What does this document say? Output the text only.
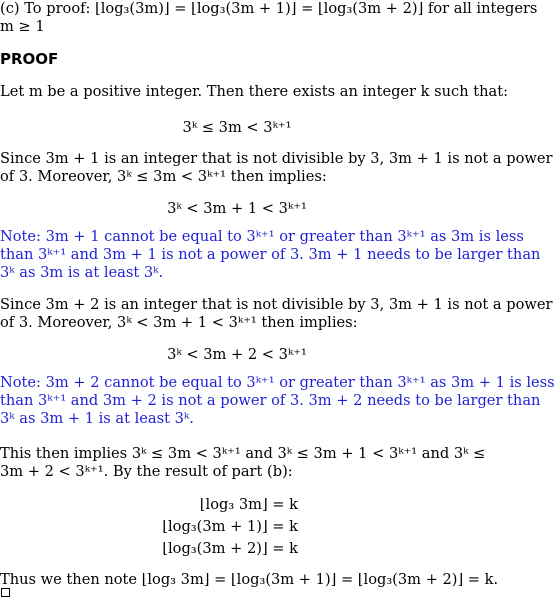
(c) To proof: ⌊log₃(3m)⌋ = ⌊log₃(3m + 1)⌋ = ⌊log₃(3m + 2)⌋ for all integers
m ≥ 1
PROOF
Let m be a positive integer. Then there exists an integer k such that:
3ᵏ ≤ 3m < 3ᵏ⁺¹
Since 3m + 1 is an integer that is not divisible by 3, 3m + 1 is not a power
of 3. Moreover, 3ᵏ ≤ 3m < 3ᵏ⁺¹ then implies:
3ᵏ < 3m + 1 < 3ᵏ⁺¹
Note: 3m + 1 cannot be equal to 3ᵏ⁺¹ or greater than 3ᵏ⁺¹ as 3m is less
than 3ᵏ⁺¹ and 3m + 1 is not a power of 3. 3m + 1 needs to be larger than
3ᵏ as 3m is at least 3ᵏ.
Since 3m + 2 is an integer that is not divisible by 3, 3m + 1 is not a power
of 3. Moreover, 3ᵏ < 3m + 1 < 3ᵏ⁺¹ then implies:
3ᵏ < 3m + 2 < 3ᵏ⁺¹
Note: 3m + 2 cannot be equal to 3ᵏ⁺¹ or greater than 3ᵏ⁺¹ as 3m + 1 is less
than 3ᵏ⁺¹ and 3m + 2 is not a power of 3. 3m + 2 needs to be larger than
3ᵏ as 3m + 1 is at least 3ᵏ.
This then implies 3ᵏ ≤ 3m < 3ᵏ⁺¹ and 3ᵏ ≤ 3m + 1 < 3ᵏ⁺¹ and 3ᵏ ≤
3m + 2 < 3ᵏ⁺¹. By the result of part (b):
⌊log₃ 3m⌋ = k
⌊log₃(3m + 1)⌋ = k
⌊log₃(3m + 2)⌋ = k
Thus we then note ⌊log₃ 3m⌋ = ⌊log₃(3m + 1)⌋ = ⌊log₃(3m + 2)⌋ = k.
